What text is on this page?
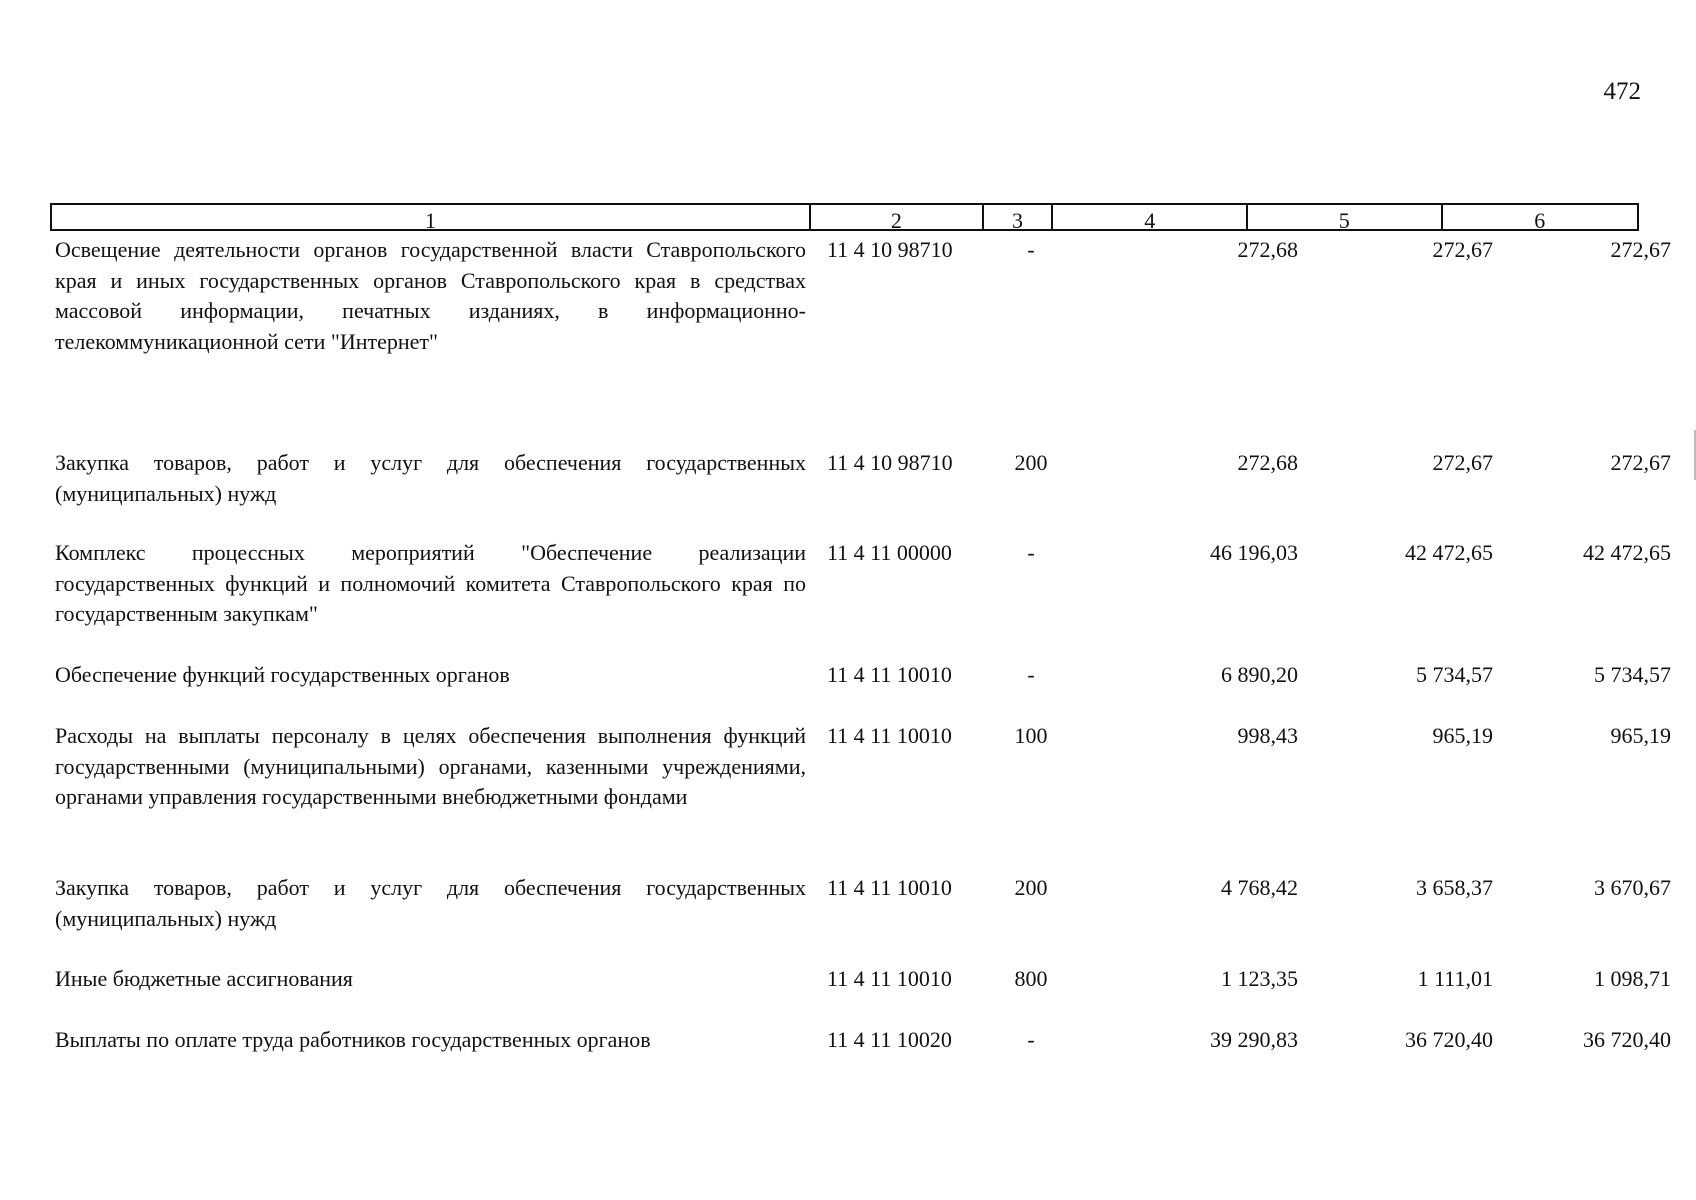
472
1	2	3	4	5	6
Освещение деятельности органов государственной власти Ставропольского края и иных государственных органов Ставропольского края в средствах массовой информации, печатных изданиях, в информационно-телекоммуникационной сети "Интернет"
11 4 10 98710	-	272,68	272,67	272,67
Закупка товаров, работ и услуг для обеспечения государственных (муниципальных) нужд
11 4 10 98710	200	272,68	272,67	272,67
Комплекс процессных мероприятий "Обеспечение реализации государственных функций и полномочий комитета Ставропольского края по государственным закупкам"
11 4 11 00000	-	46 196,03	42 472,65	42 472,65
Обеспечение функций государственных органов	11 4 11 10010	-	6 890,20	5 734,57	5 734,57
Расходы на выплаты персоналу в целях обеспечения выполнения функций государственными (муниципальными) органами, казенными учреждениями, органами управления государственными внебюджетными фондами
11 4 11 10010	100	998,43	965,19	965,19
Закупка товаров, работ и услуг для обеспечения государственных (муниципальных) нужд
11 4 11 10010	200	4 768,42	3 658,37	3 670,67
Иные бюджетные ассигнования	11 4 11 10010	800	1 123,35	1 111,01	1 098,71
Выплаты по оплате труда работников государственных органов	11 4 11 10020	-	39 290,83	36 720,40	36 720,40
